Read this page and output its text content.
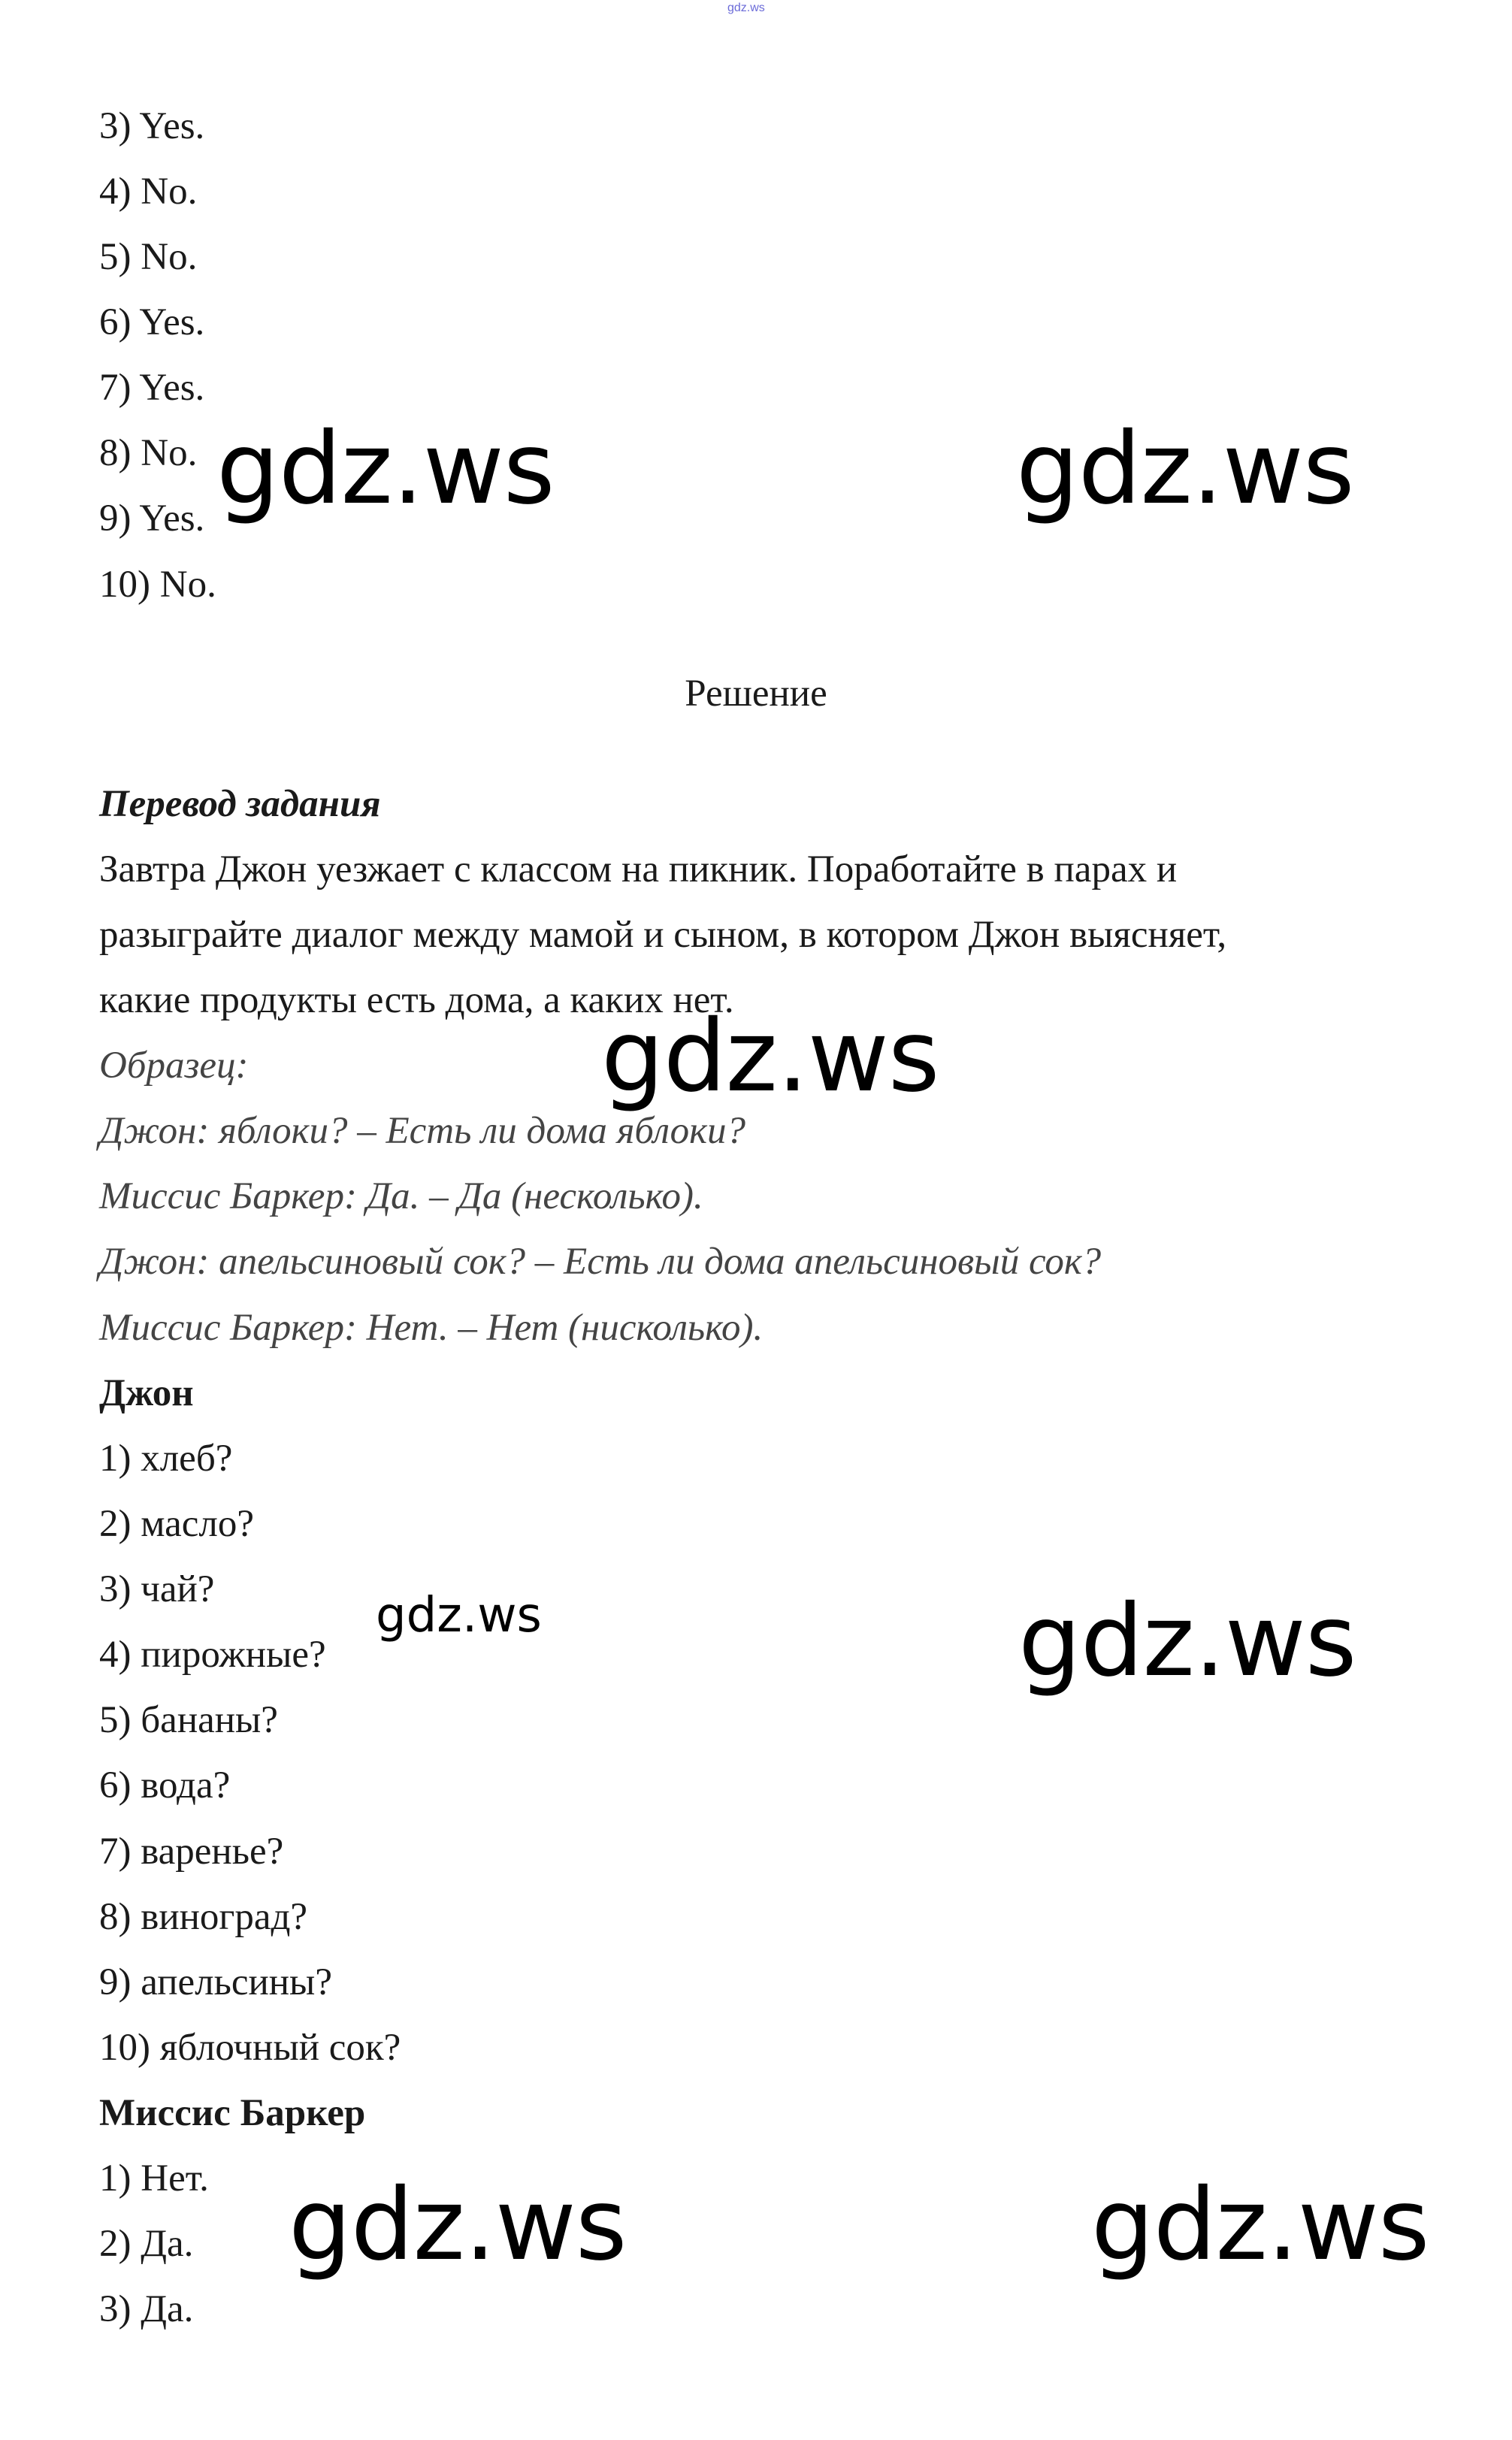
gdz.ws
3) Yes.
4) No.
5) No.
6) Yes.
7) Yes.
8) No.
9) Yes.
10) No.
Решение
Перевод задания
Завтра Джон уезжает с классом на пикник. Поработайте в парах и
разыграйте диалог между мамой и сыном, в котором Джон выясняет,
какие продукты есть дома, а каких нет.
Образец:
Джон: яблоки? – Есть ли дома яблоки?
Миссис Баркер: Да. – Да (несколько).
Джон: апельсиновый сок? – Есть ли дома апельсиновый сок?
Миссис Баркер: Нет. – Нет (нисколько).
Джон
1) хлеб?
2) масло?
3) чай?
4) пирожные?
5) бананы?
6) вода?
7) варенье?
8) виноград?
9) апельсины?
10) яблочный сок?
Миссис Баркер
1) Нет.
2) Да.
3) Да.
gdz.ws	gdz.ws
gdz.ws
gdz.ws	gdz.ws
gdz.ws	gdz.ws
